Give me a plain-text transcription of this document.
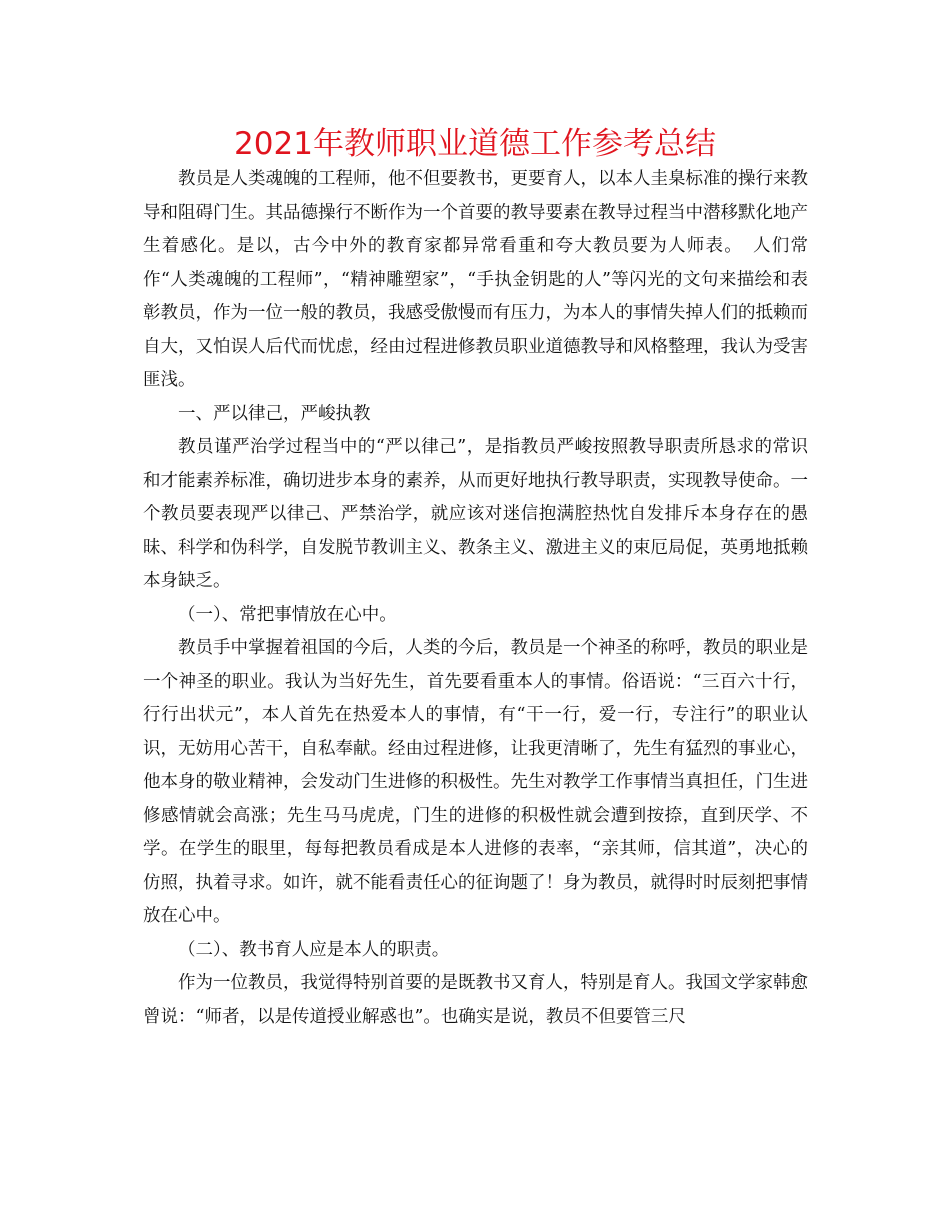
2021年教师职业道德工作参考总结

教员是人类魂魄的工程师，他不但要教书，更要育人，以本人圭臬标准的操行来教导和阻碍门生。其品德操行不断作为一个首要的教导要素在教导过程当中潜移默化地产生着感化。是以，古今中外的教育家都异常看重和夸大教员要为人师表。　人们常作“人类魂魄的工程师”，“精神雕塑家”，“手执金钥匙的人”等闪光的文句来描绘和表彰教员，作为一位一般的教员，我感受傲慢而有压力，为本人的事情失掉人们的抵赖而自大，又怕误人后代而忧虑，经由过程进修教员职业道德教导和风格整理，我认为受害匪浅。

一、严以律己，严峻执教

教员谨严治学过程当中的“严以律己”，是指教员严峻按照教导职责所恳求的常识和才能素养标准，确切进步本身的素养，从而更好地执行教导职责，实现教导使命。一个教员要表现严以律己、严禁治学，就应该对迷信抱满腔热忱自发排斥本身存在的愚 昧、科学和伪科学，自发脱节教训主义、教条主义、激进主义的束厄局促，英勇地抵赖本身缺乏。

（一）、常把事情放在心中。

教员手中掌握着祖国的今后，人类的今后，教员是一个神圣的称呼，教员的职业是一个神圣的职业。我认为当好先生，首先要看重本人的事情。俗语说：“三百六十行，行行出状元”，本人首先在热爱本人的事情，有“干一行，爱一行，专注行”的职业认识，无妨用心苦干，自私奉献。经由过程进修，让我更清晰了，先生有猛烈的事业心，他本身的敬业精神，会发动门生进修的积极性。先生对教学工作事情当真担任，门生进修感情就会高涨；先生马马虎虎，门生的进修的积极性就会遭到按捺，直到厌学、不学。在学生的眼里，每每把教员看成是本人进修的表率，“亲其师，信其道”，决心的仿照，执着寻求。如许，就不能看责任心的征询题了！身为教员，就得时时辰刻把事情放在心中。

（二）、教书育人应是本人的职责。

作为一位教员，我觉得特别首要的是既教书又育人，特别是育人。我国文学家韩愈曾说：“师者，以是传道授业解惑也”。也确实是说，教员不但要管三尺
